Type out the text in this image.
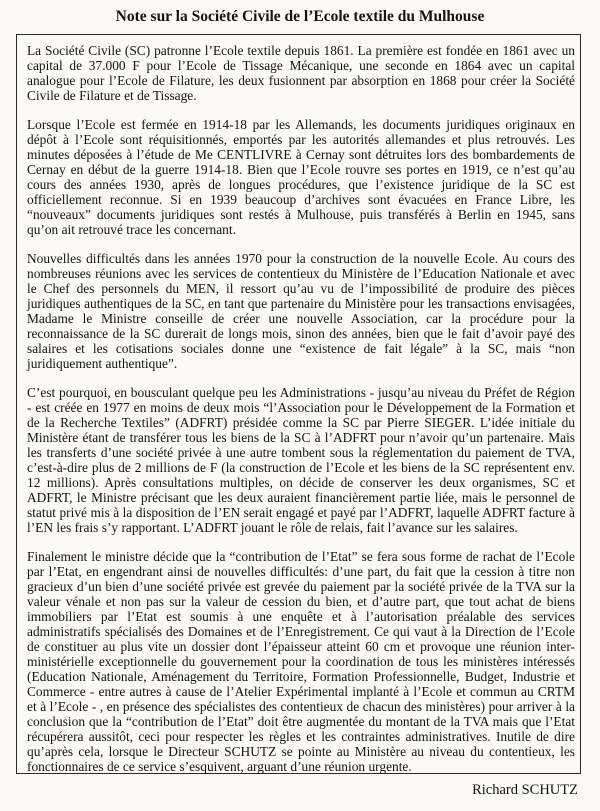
Note sur la Société Civile de l’Ecole textile du Mulhouse

La Société Civile (SC) patronne l’Ecole textile depuis 1861. La première est fondée en 1861 avec un capital de 37.000 F pour l’Ecole de Tissage Mécanique, une seconde en 1864 avec un capital analogue pour l’Ecole de Filature, les deux fusionnent par absorption en 1868 pour créer la Société Civile de Filature et de Tissage.

Lorsque l’Ecole est fermée en 1914-18 par les Allemands, les documents juridiques originaux en dépôt à l’Ecole sont réquisitionnés, emportés par les autorités allemandes et plus retrouvés. Les minutes déposées à l’étude de Me CENTLIVRE à Cernay sont détruites lors des bombardements de Cernay en début de la guerre 1914-18. Bien que l’Ecole rouvre ses portes en 1919, ce n’est qu’au cours des années 1930, après de longues procédures, que l’existence juridique de la SC est officiellement reconnue. Si en 1939 beaucoup d’archives sont évacuées en France Libre, les “nouveaux” documents juridiques sont restés à Mulhouse, puis transférés à Berlin en 1945, sans qu’on ait retrouvé trace les concernant.

Nouvelles difficultés dans les années 1970 pour la construction de la nouvelle Ecole. Au cours des nombreuses réunions avec les services de contentieux du Ministère de l’Education Nationale et avec le Chef des personnels du MEN, il ressort qu’au vu de l’impossibilité de produire des pièces juridiques authentiques de la SC, en tant que partenaire du Ministère pour les transactions envisagées, Madame le Ministre conseille de créer une nouvelle Association, car la procédure pour la reconnaissance de la SC durerait de longs mois, sinon des années, bien que le fait d’avoir payé des salaires et les cotisations sociales donne une “existence de fait légale” à la SC, mais “non juridiquement authentique”.

C’est pourquoi, en bousculant quelque peu les Administrations - jusqu’au niveau du Préfet de Région - est créée en 1977 en moins de deux mois “l’Association pour le Développement de la Formation et de la Recherche Textiles” (ADFRT) présidée comme la SC par Pierre SIEGER. L’idée initiale du Ministère étant de transférer tous les biens de la SC à l’ADFRT pour n’avoir qu’un partenaire. Mais les transferts d’une société privée à une autre tombent sous la réglementation du paiement de TVA, c’est-à-dire plus de 2 millions de F (la construction de l’Ecole et les biens de la SC représentent env. 12 millions). Après consultations multiples, on décide de conserver les deux organismes, SC et ADFRT, le Ministre précisant que les deux auraient financièrement partie liée, mais le personnel de statut privé mis à la disposition de l’EN serait engagé et payé par l’ADFRT, laquelle ADFRT facture à l’EN les frais s’y rapportant. L’ADFRT jouant le rôle de relais, fait l’avance sur les salaires.

Finalement le ministre décide que la “contribution de l’Etat” se fera sous forme de rachat de l’Ecole par l’Etat, en engendrant ainsi de nouvelles difficultés: d’une part, du fait que la cession à titre non gracieux d’un bien d’une société privée est grevée du paiement par la société privée de la TVA sur la valeur vénale et non pas sur la valeur de cession du bien, et d’autre part, que tout achat de biens immobiliers par l’Etat est soumis à une enquête et à l’autorisation préalable des services administratifs spécialisés des Domaines et de l’Enregistrement. Ce qui vaut à la Direction de l’Ecole de constituer au plus vite un dossier dont l’épaisseur atteint 60 cm et provoque une réunion inter-ministérielle exceptionnelle du gouvernement pour la coordination de tous les ministères intéressés (Education Nationale, Aménagement du Territoire, Formation Professionnelle, Budget, Industrie et Commerce - entre autres à cause de l’Atelier Expérimental implanté à l’Ecole et commun au CRTM et à l’Ecole - , en présence des spécialistes des contentieux de chacun des ministères) pour arriver à la conclusion que la “contribution de l’Etat” doit être augmentée du montant de la TVA mais que l’Etat récupérera aussitôt, ceci pour respecter les règles et les contraintes administratives. Inutile de dire qu’après cela, lorsque le Directeur SCHUTZ se pointe au Ministère au niveau du contentieux, les fonctionnaires de ce service s’esquivent, arguant d’une réunion urgente.

Richard SCHUTZ
